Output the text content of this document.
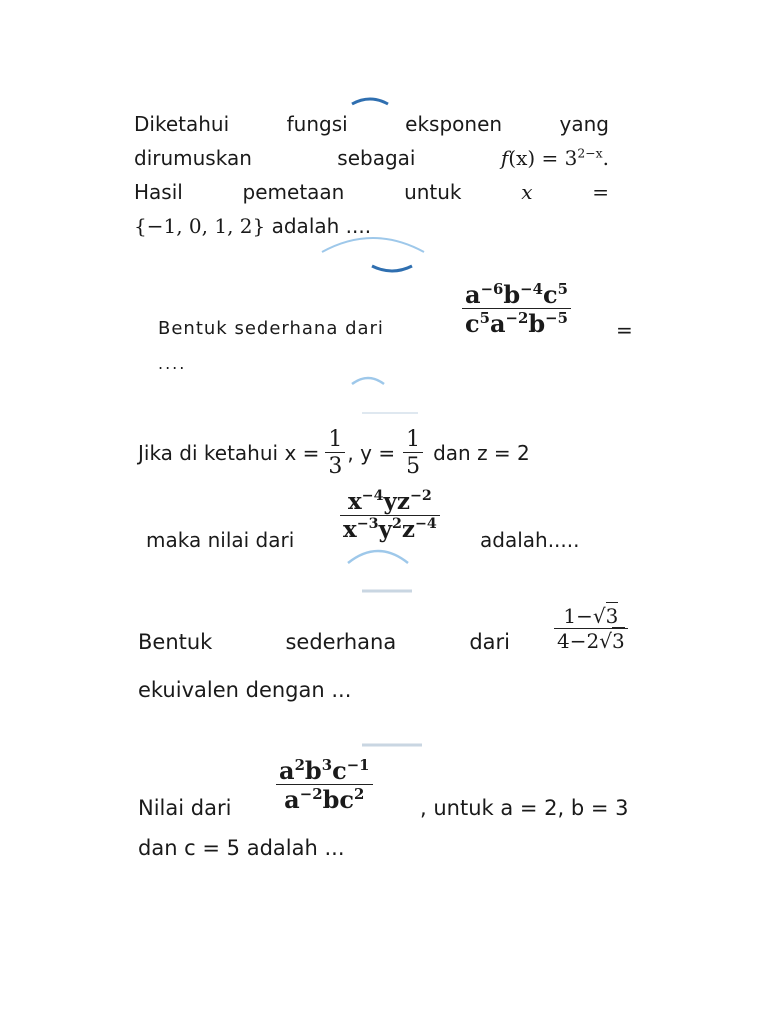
Diketahui	fungsi	eksponen	yang
dirumuskan	sebagai	$f(x) = 3^{2-x}$.
Hasil	pemetaan	untuk	x	=
{−1, 0, 1, 2} adalah ....
Bentuk sederhana dari	$\frac{a^{-6}b^{-4}c^5}{c^5a^{-2}b^{-5}}$ =
....
Jika di ketahui $x = \frac{1}{3}$ , $y = \frac{1}{5}$ dan z = 2
maka nilai dari $\frac{x^{-4}yz^{-2}}{x^{-3}y^2z^{-4}}$ adalah.....
Bentuk	sederhana	dari $\frac{1-√3}{4-2√3}$
ekuivalen dengan ...
Nilai dari $\frac{a^2b^3c^{-1}}{a^{-2}bc^2}$ , untuk a = 2, b = 3
dan c = 5 adalah ...
